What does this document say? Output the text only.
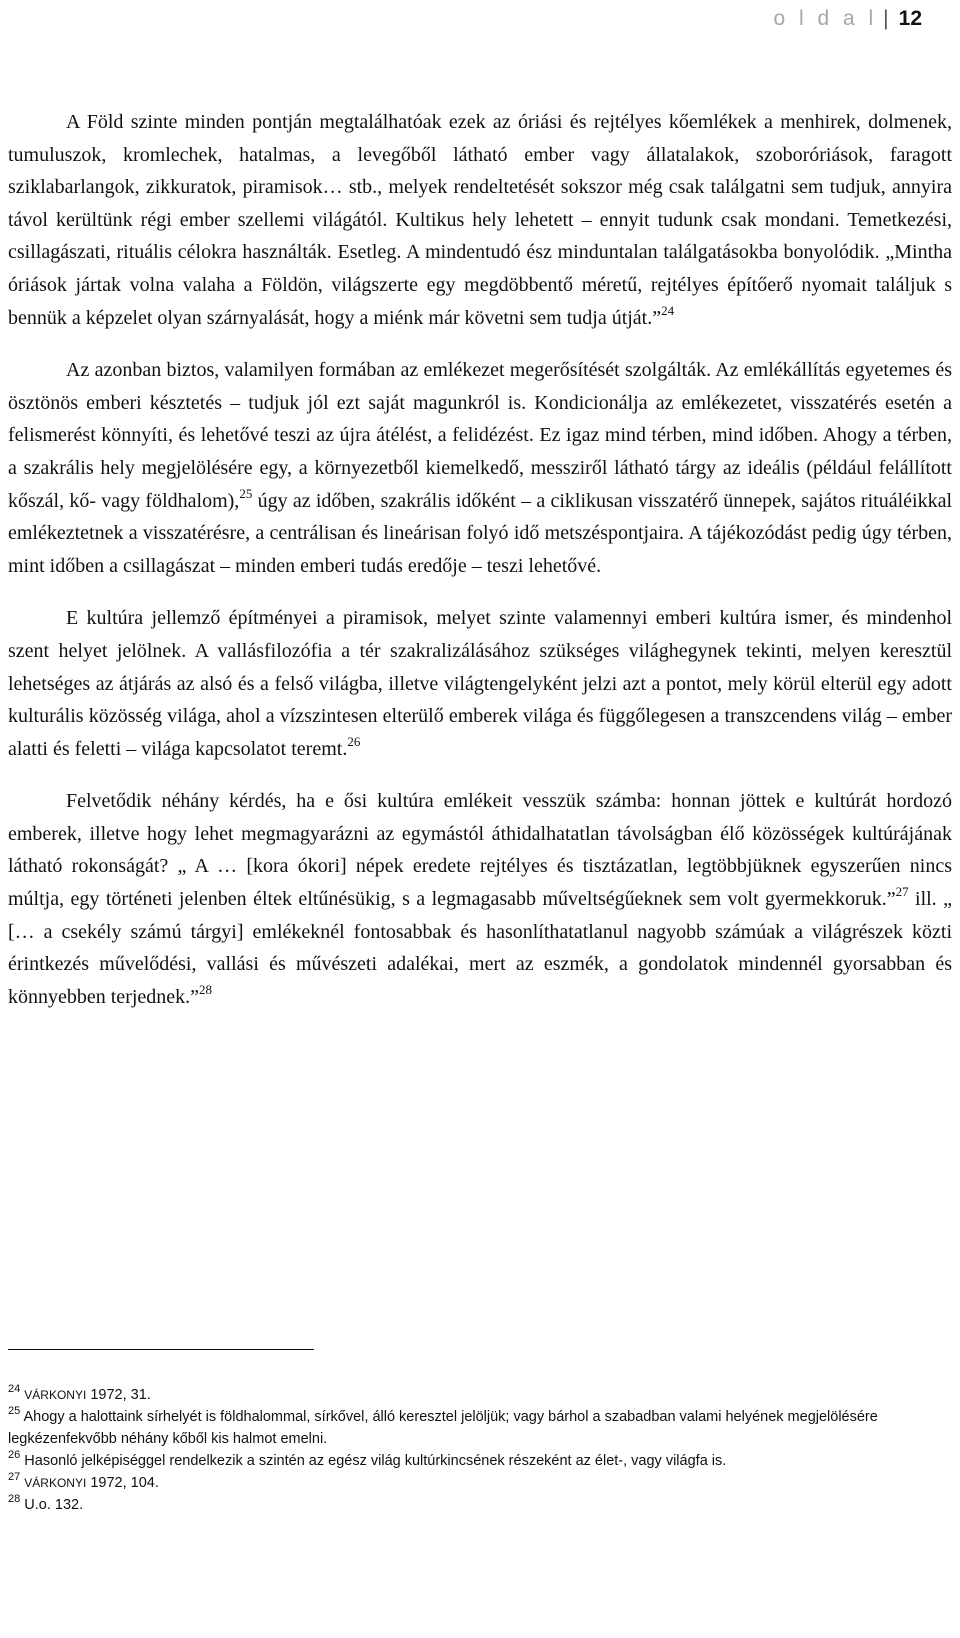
o l d a l | 12

A Föld szinte minden pontján megtalálhatóak ezek az óriási és rejtélyes kőemlékek a menhirek, dolmenek, tumuluszok, kromlechek, hatalmas, a levegőből látható ember vagy állatalakok, szoboróriások, faragott sziklabarlangok, zikkuratok, piramisok… stb., melyek rendeltetését sokszor még csak találgatni sem tudjuk, annyira távol kerültünk régi ember szellemi világától. Kultikus hely lehetett – ennyit tudunk csak mondani. Temetkezési, csillagászati, rituális célokra használták. Esetleg. A mindentudó ész minduntalan találgatásokba bonyolódik. „Mintha óriások jártak volna valaha a Földön, világszerte egy megdöbbentő méretű, rejtélyes építőerő nyomait találjuk s bennük a képzelet olyan szárnyalását, hogy a miénk már követni sem tudja útját.”$^{24}$

Az azonban biztos, valamilyen formában az emlékezet megerősítését szolgálták. Az emlékállítás egyetemes és ösztönös emberi késztetés – tudjuk jól ezt saját magunkról is. Kondicionálja az emlékezetet, visszatérés esetén a felismerést könnyíti, és lehetővé teszi az újra átélést, a felidézést. Ez igaz mind térben, mind időben. Ahogy a térben, a szakrális hely megjelölésére egy, a környezetből kiemelkedő, messziről látható tárgy az ideális (például felállított kőszál, kő- vagy földhalom),$^{25}$ úgy az időben, szakrális időként – a ciklikusan visszatérő ünnepek, sajátos rituáléikkal emlékeztetnek a visszatérésre, a centrálisan és lineárisan folyó idő metszéspontjaira. A tájékozódást pedig úgy térben, mint időben a csillagászat – minden emberi tudás eredője – teszi lehetővé.

E kultúra jellemző építményei a piramisok, melyet szinte valamennyi emberi kultúra ismer, és mindenhol szent helyet jelölnek. A vallásfilozófia a tér szakralizálásához szükséges világhegynek tekinti, melyen keresztül lehetséges az átjárás az alsó és a felső világba, illetve világtengelyként jelzi azt a pontot, mely körül elterül egy adott kulturális közösség világa, ahol a vízszintesen elterülő emberek világa és függőlegesen a transzcendens világ – ember alatti és feletti – világa kapcsolatot teremt.$^{26}$

Felvetődik néhány kérdés, ha e ősi kultúra emlékeit vesszük számba: honnan jöttek e kultúrát hordozó emberek, illetve hogy lehet megmagyarázni az egymástól áthidalhatatlan távolságban élő közösségek kultúrájának látható rokonságát? „ A … [kora ókori] népek eredete rejtélyes és tisztázatlan, legtöbbjüknek egyszerűen nincs múltja, egy történeti jelenben éltek eltűnésükig, s a legmagasabb műveltségűeknek sem volt gyermekkoruk.”$^{27}$ ill. „ [… a csekély számú tárgyi] emlékeknél fontosabbak és hasonlíthatatlanul nagyobb számúak a világrészek közti érintkezés művelődési, vallási és művészeti adalékai, mert az eszmék, a gondolatok mindennél gyorsabban és könnyebben terjednek.”$^{28}$

$^{24}$ VÁRKONYI 1972, 31.

$^{25}$ Ahogy a halottaink sírhelyét is földhalommal, sírkővel, álló keresztel jelöljük; vagy bárhol a szabadban valami helyének megjelölésére legkézenfekvőbb néhány kőből kis halmot emelni.

$^{26}$ Hasonló jelképiséggel rendelkezik a szintén az egész világ kultúrkincsének részeként az élet-, vagy világfa is.

$^{27}$ VÁRKONYI 1972, 104.

$^{28}$ U.o. 132.
